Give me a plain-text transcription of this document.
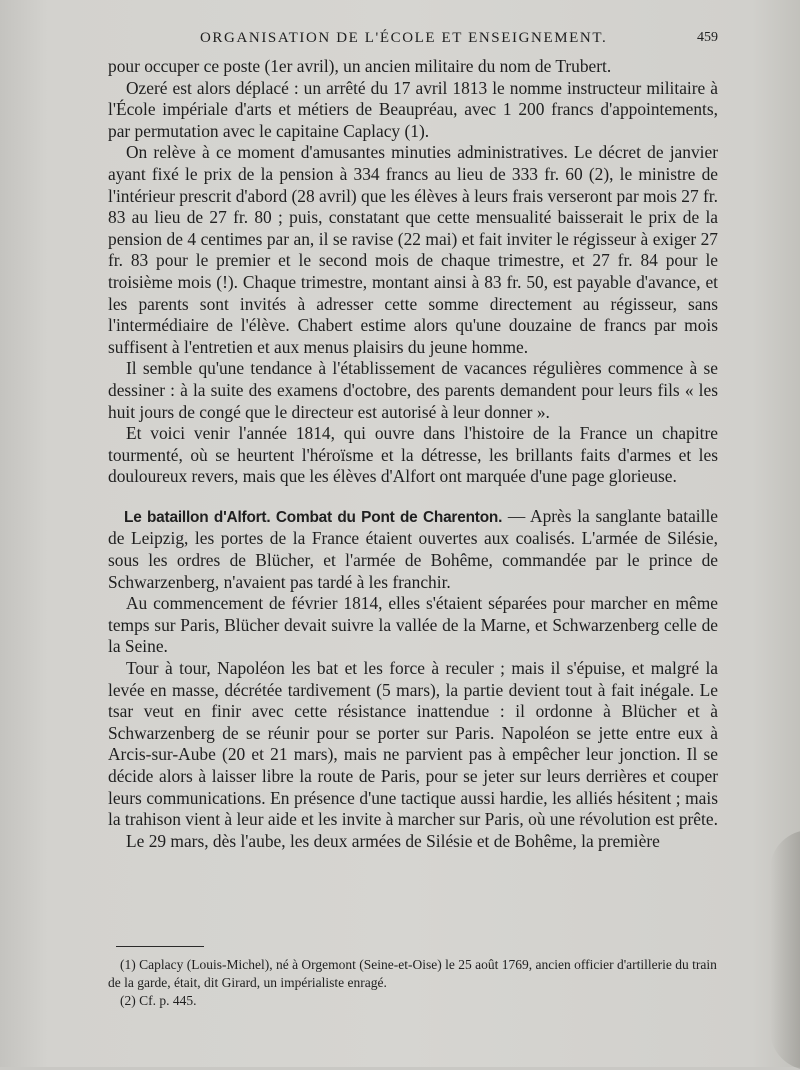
ORGANISATION DE L'ÉCOLE ET ENSEIGNEMENT.	459

pour occuper ce poste (1er avril), un ancien militaire du nom de Trubert.

Ozeré est alors déplacé : un arrêté du 17 avril 1813 le nomme instructeur militaire à l'École impériale d'arts et métiers de Beaupréau, avec 1 200 francs d'appointements, par permutation avec le capitaine Caplacy (1).

On relève à ce moment d'amusantes minuties administratives. Le décret de janvier ayant fixé le prix de la pension à 334 francs au lieu de 333 fr. 60 (2), le ministre de l'intérieur prescrit d'abord (28 avril) que les élèves à leurs frais verseront par mois 27 fr. 83 au lieu de 27 fr. 80 ; puis, constatant que cette mensualité baisserait le prix de la pension de 4 centimes par an, il se ravise (22 mai) et fait inviter le régisseur à exiger 27 fr. 83 pour le premier et le second mois de chaque trimestre, et 27 fr. 84 pour le troisième mois (!). Chaque trimestre, montant ainsi à 83 fr. 50, est payable d'avance, et les parents sont invités à adresser cette somme directement au régisseur, sans l'intermédiaire de l'élève. Chabert estime alors qu'une douzaine de francs par mois suffisent à l'entretien et aux menus plaisirs du jeune homme.

Il semble qu'une tendance à l'établissement de vacances régulières commence à se dessiner : à la suite des examens d'octobre, des parents demandent pour leurs fils « les huit jours de congé que le directeur est autorisé à leur donner ».

Et voici venir l'année 1814, qui ouvre dans l'histoire de la France un chapitre tourmenté, où se heurtent l'héroïsme et la détresse, les brillants faits d'armes et les douloureux revers, mais que les élèves d'Alfort ont marquée d'une page glorieuse.

Le bataillon d'Alfort. Combat du Pont de Charenton. — Après la sanglante bataille de Leipzig, les portes de la France étaient ouvertes aux coalisés. L'armée de Silésie, sous les ordres de Blücher, et l'armée de Bohême, commandée par le prince de Schwarzenberg, n'avaient pas tardé à les franchir.

Au commencement de février 1814, elles s'étaient séparées pour marcher en même temps sur Paris, Blücher devait suivre la vallée de la Marne, et Schwarzenberg celle de la Seine.

Tour à tour, Napoléon les bat et les force à reculer ; mais il s'épuise, et malgré la levée en masse, décrétée tardivement (5 mars), la partie devient tout à fait inégale. Le tsar veut en finir avec cette résistance inattendue : il ordonne à Blücher et à Schwarzenberg de se réunir pour se porter sur Paris. Napoléon se jette entre eux à Arcis-sur-Aube (20 et 21 mars), mais ne parvient pas à empêcher leur jonction. Il se décide alors à laisser libre la route de Paris, pour se jeter sur leurs derrières et couper leurs communications. En présence d'une tactique aussi hardie, les alliés hésitent ; mais la trahison vient à leur aide et les invite à marcher sur Paris, où une révolution est prête.

Le 29 mars, dès l'aube, les deux armées de Silésie et de Bohême, la première

(1) Caplacy (Louis-Michel), né à Orgemont (Seine-et-Oise) le 25 août 1769, ancien officier d'artillerie du train de la garde, était, dit Girard, un impérialiste enragé.

(2) Cf. p. 445.
